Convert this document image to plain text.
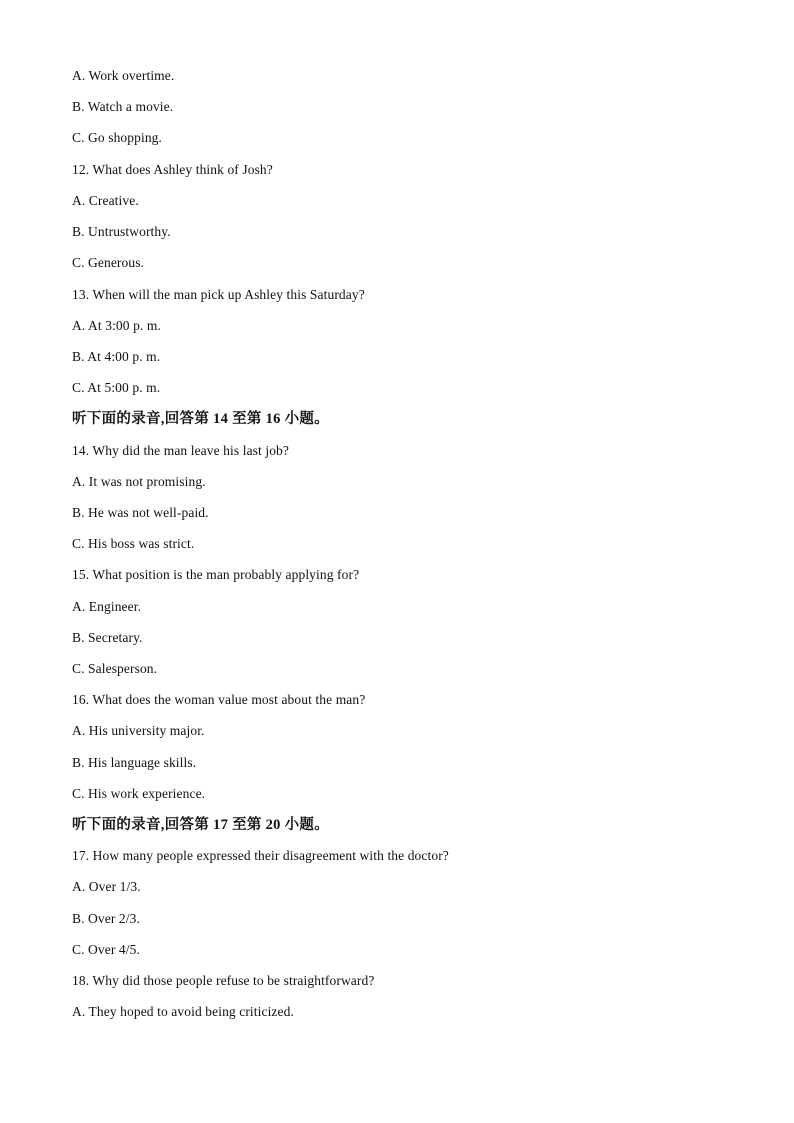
A. Work overtime.
B. Watch a movie.
C. Go shopping.
12. What does Ashley think of Josh?
A. Creative.
B. Untrustworthy.
C. Generous.
13. When will the man pick up Ashley this Saturday?
A. At 3:00 p. m.
B. At 4:00 p. m.
C. At 5:00 p. m.
听下面的录音,回答第 14 至第 16 小题。
14. Why did the man leave his last job?
A. It was not promising.
B. He was not well-paid.
C. His boss was strict.
15. What position is the man probably applying for?
A. Engineer.
B. Secretary.
C. Salesperson.
16. What does the woman value most about the man?
A. His university major.
B. His language skills.
C. His work experience.
听下面的录音,回答第 17 至第 20 小题。
17. How many people expressed their disagreement with the doctor?
A. Over 1/3.
B. Over 2/3.
C. Over 4/5.
18. Why did those people refuse to be straightforward?
A. They hoped to avoid being criticized.
